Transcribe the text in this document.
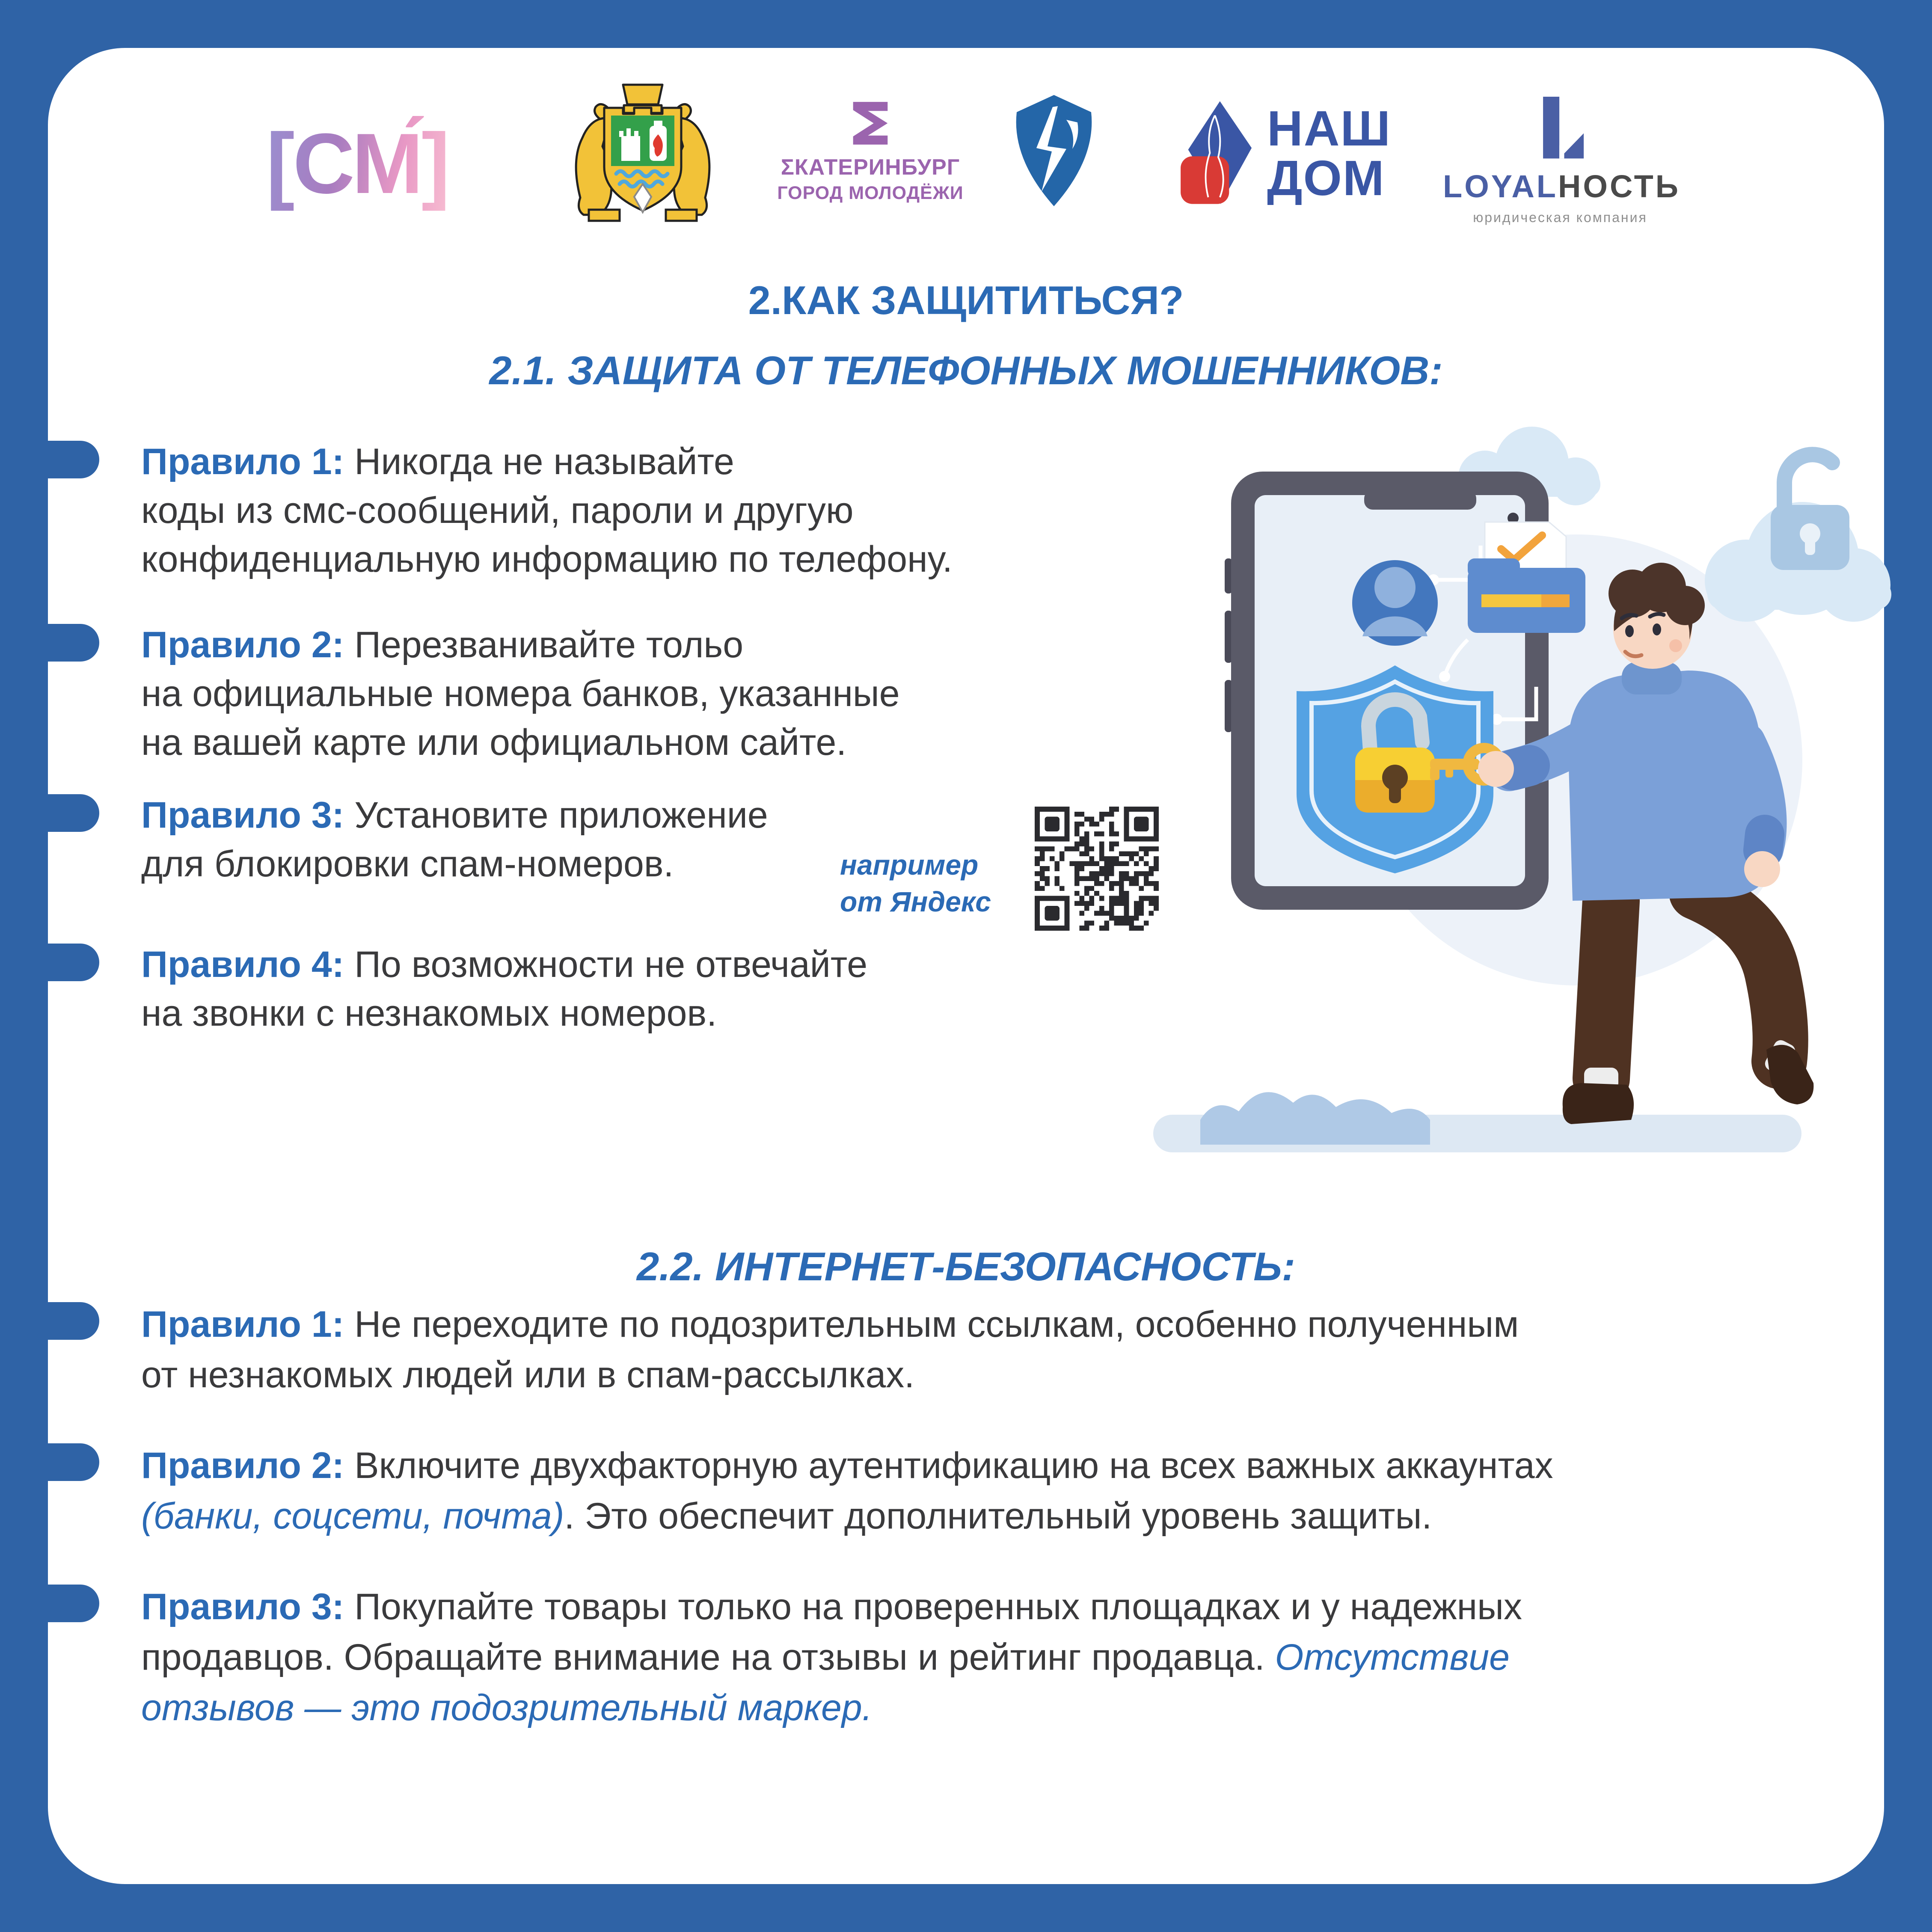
[СМ́]	ΣКАТЕРИНБУРГ
ГОРОД МОЛОДЁЖИ
НАШ
ДОМ LOYALНОСТЬ
юридическая компания
2.КАК ЗАЩИТИТЬСЯ?
2.1. ЗАЩИТА ОТ ТЕЛЕФОННЫХ МОШЕННИКОВ:
2.2. ИНТЕРНЕТ-БЕЗОПАСНОСТЬ:

Правило 1: Никогда не называйте
коды из смс-сообщений, пароли и другую
конфиденциальную информацию по телефону.

Правило 2: Перезванивайте тольо
на официальные номера банков, указанные
на вашей карте или официальном сайте.

Правило 3: Установите приложение
для блокировки спам-номеров.

Правило 4: По возможности не отвечайте
на звонки с незнакомых номеров.

например
от Яндекс

Правило 1: Не переходите по подозрительным ссылкам, особенно полученным
от незнакомых людей или в спам-рассылках.

Правило 2: Включите двухфакторную аутентификацию на всех важных аккаунтах
(банки, соцсети, почта). Это обеспечит дополнительный уровень защиты.

Правило 3: Покупайте товары только на проверенных площадках и у надежных
продавцов. Обращайте внимание на отзывы и рейтинг продавца. Отсутствие
отзывов — это подозрительный маркер.
